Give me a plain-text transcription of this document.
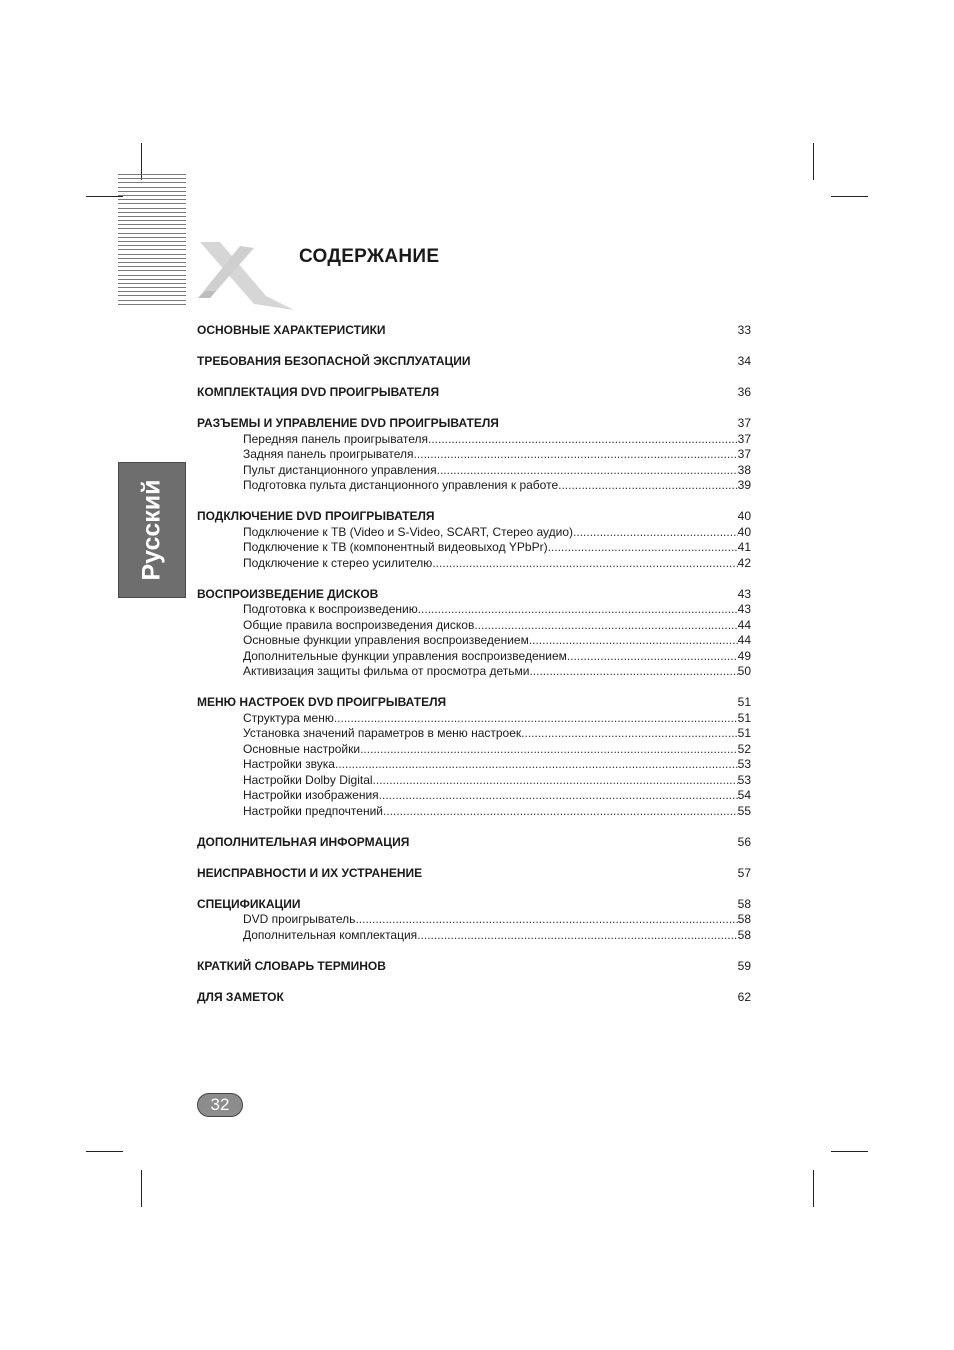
СОДЕРЖАНИЕ
Русский
ОСНОВНЫЕ ХАРАКТЕРИСТИКИ	33
ТРЕБОВАНИЯ БЕЗОПАСНОЙ ЭКСПЛУАТАЦИИ	34
КОМПЛЕКТАЦИЯ DVD ПРОИГРЫВАТЕЛЯ	36
РАЗЪЕМЫ И УПРАВЛЕНИЕ DVD ПРОИГРЫВАТЕЛЯ	37
Передняя панель проигрывателя .....	37
Задняя панель проигрывателя .....	37
Пульт дистанционного управления .....	38
Подготовка пульта дистанционного управления к работе .....	39
ПОДКЛЮЧЕНИЕ DVD ПРОИГРЫВАТЕЛЯ	40
Подключение к ТВ (Video и S-Video, SCART, Стерео аудио) .....	40
Подключение к ТВ (компонентный видеовыход YPbPr) .....	41
Подключение к стерео усилителю .....	42
ВОСПРОИЗВЕДЕНИЕ ДИСКОВ	43
Подготовка к воспроизведению .....	43
Общие правила воспроизведения дисков .....	44
Основные функции управления воспроизведением .....	44
Дополнительные функции управления воспроизведением .....	49
Активизация защиты фильма от просмотра детьми .....	50
МЕНЮ НАСТРОЕК DVD ПРОИГРЫВАТЕЛЯ	51
Структура меню .....	51
Установка значений параметров в меню настроек .....	51
Основные настройки .....	52
Настройки звука .....	53
Настройки Dolby Digital .....	53
Настройки изображения .....	54
Настройки предпочтений .....	55
ДОПОЛНИТЕЛЬНАЯ ИНФОРМАЦИЯ	56
НЕИСПРАВНОСТИ И ИХ УСТРАНЕНИЕ	57
СПЕЦИФИКАЦИИ	58
DVD проигрыватель .....	58
Дополнительная комплектация .....	58
КРАТКИЙ СЛОВАРЬ ТЕРМИНОВ	59
ДЛЯ ЗАМЕТОК	62
32
